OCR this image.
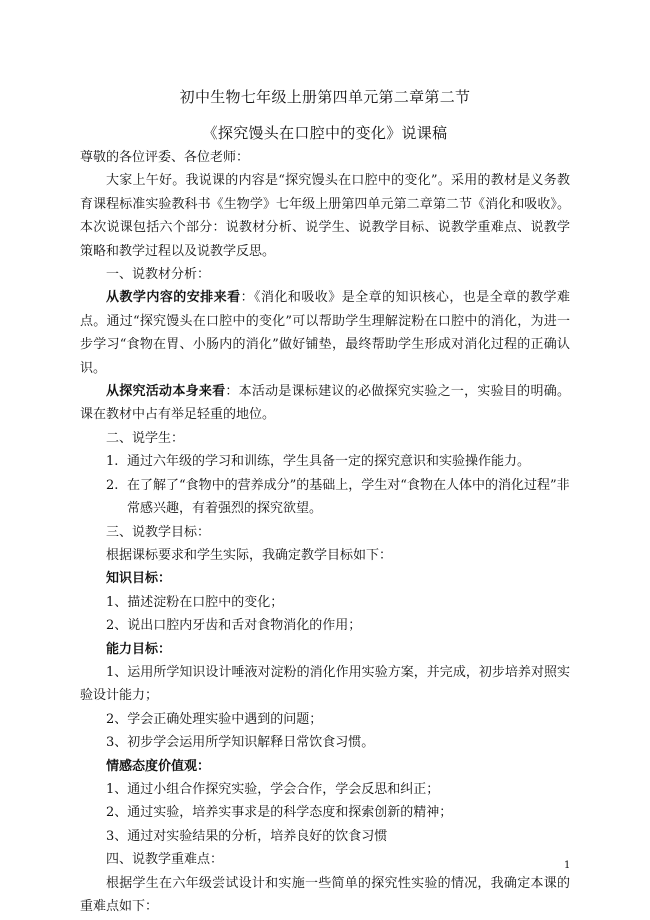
初中生物七年级上册第四单元第二章第二节
《探究馒头在口腔中的变化》说课稿

尊敬的各位评委、各位老师：

大家上午好。我说课的内容是“探究馒头在口腔中的变化”。采用的教材是义务教育课程标准实验教科书《生物学》七年级上册第四单元第二章第二节《消化和吸收》。本次说课包括六个部分：说教材分析、说学生、说教学目标、说教学重难点、说教学策略和教学过程以及说教学反思。

一、说教材分析：

从教学内容的安排来看：《消化和吸收》是全章的知识核心，也是全章的教学难点。通过“探究馒头在口腔中的变化”可以帮助学生理解淀粉在口腔中的消化，为进一步学习“食物在胃、小肠内的消化”做好铺垫，最终帮助学生形成对消化过程的正确认识。

从探究活动本身来看：本活动是课标建议的必做探究实验之一，实验目的明确。课在教材中占有举足轻重的地位。

二、说学生：

1. 通过六年级的学习和训练，学生具备一定的探究意识和实验操作能力。
2. 在了解了“食物中的营养成分”的基础上，学生对“食物在人体中的消化过程”非常感兴趣，有着强烈的探究欲望。

三、说教学目标：

根据课标要求和学生实际，我确定教学目标如下：

知识目标：

1、描述淀粉在口腔中的变化；

2、说出口腔内牙齿和舌对食物消化的作用；

能力目标：

1、运用所学知识设计唾液对淀粉的消化作用实验方案，并完成，初步培养对照实验设计能力；

2、学会正确处理实验中遇到的问题；

3、初步学会运用所学知识解释日常饮食习惯。

情感态度价值观：

1、通过小组合作探究实验，学会合作，学会反思和纠正；

2、通过实验，培养实事求是的科学态度和探索创新的精神；

3、通过对实验结果的分析，培养良好的饮食习惯

四、说教学重难点：

根据学生在六年级尝试设计和实施一些简单的探究性实验的情况，我确定本课的重难点如下：

1
